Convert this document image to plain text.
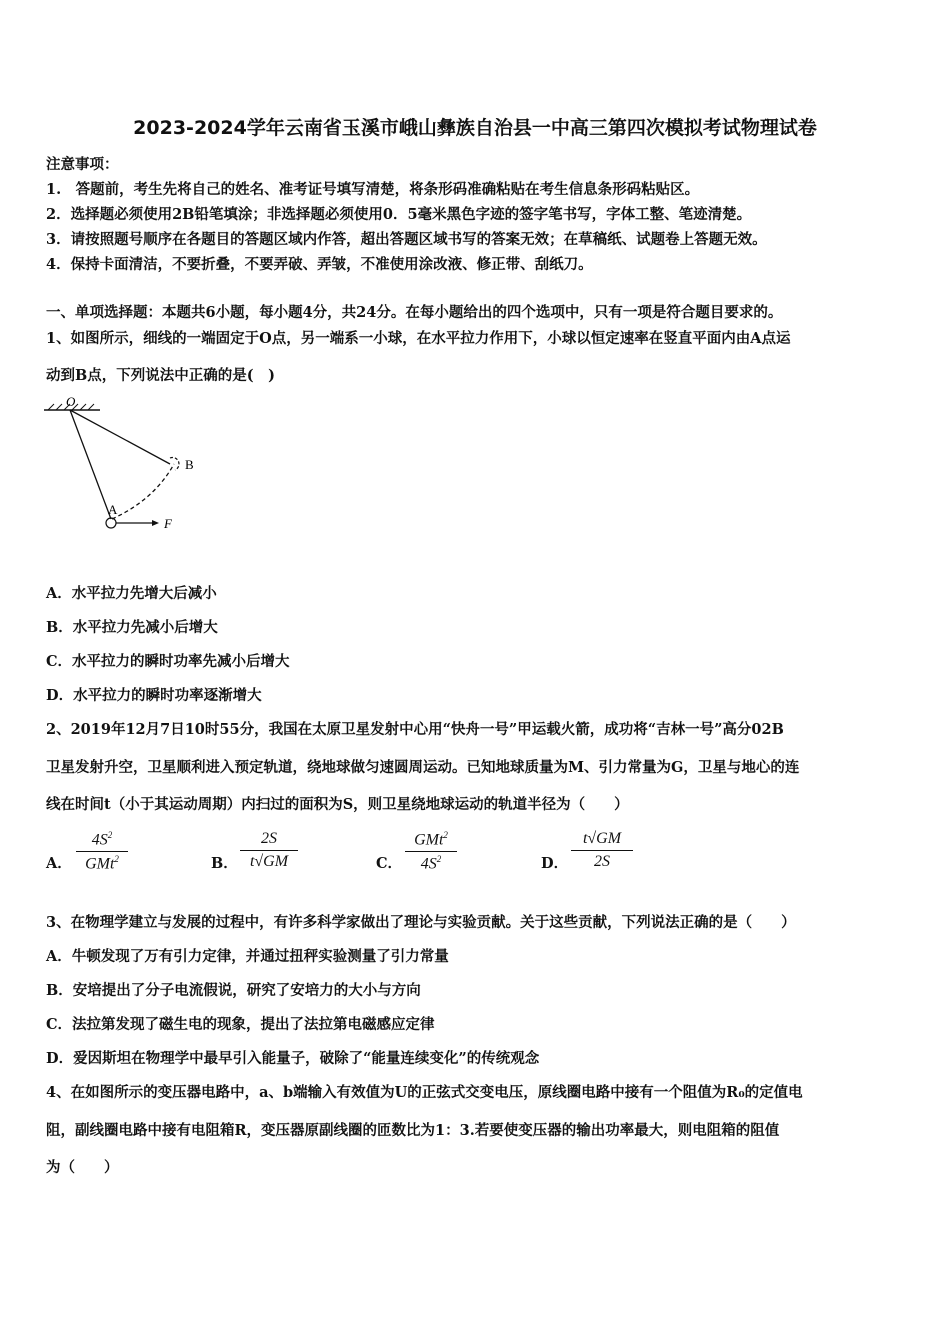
2023-2024学年云南省玉溪市峨山彝族自治县一中高三第四次模拟考试物理试卷
注意事项：
1.　答题前，考生先将自己的姓名、准考证号填写清楚，将条形码准确粘贴在考生信息条形码粘贴区。
2．选择题必须使用2B铅笔填涂；非选择题必须使用0．5毫米黑色字迹的签字笔书写，字体工整、笔迹清楚。
3．请按照题号顺序在各题目的答题区域内作答，超出答题区域书写的答案无效；在草稿纸、试题卷上答题无效。
4．保持卡面清洁，不要折叠，不要弄破、弄皱，不准使用涂改液、修正带、刮纸刀。
一、单项选择题：本题共6小题，每小题4分，共24分。在每小题给出的四个选项中，只有一项是符合题目要求的。
1、如图所示，细线的一端固定于O点，另一端系一小球，在水平拉力作用下，小球以恒定速率在竖直平面内由A点运
动到B点，下列说法中正确的是(　)
O
B
A
F
A．水平拉力先增大后减小
B．水平拉力先减小后增大
C．水平拉力的瞬时功率先减小后增大
D．水平拉力的瞬时功率逐渐增大
2、2019年12月7日10时55分，我国在太原卫星发射中心用“快舟一号”甲运载火箭，成功将“吉林一号”高分02B
卫星发射升空，卫星顺利进入预定轨道，绕地球做匀速圆周运动。已知地球质量为M、引力常量为G，卫星与地心的连
线在时间t（小于其运动周期）内扫过的面积为S，则卫星绕地球运动的轨道半径为（　　）
A．
$4S^2$
GMt$^2$	B． $\frac{2S}{t√GM}$	C．
GMt$^2$
$4S^2$	D． $\frac{t√GM}{2S}$
3、在物理学建立与发展的过程中，有许多科学家做出了理论与实验贡献。关于这些贡献，下列说法正确的是（　　）
A．牛顿发现了万有引力定律，并通过扭秤实验测量了引力常量
B．安培提出了分子电流假说，研究了安培力的大小与方向
C．法拉第发现了磁生电的现象，提出了法拉第电磁感应定律
D．爱因斯坦在物理学中最早引入能量子，破除了“能量连续变化”的传统观念
4、在如图所示的变压器电路中，a、b端输入有效值为U的正弦式交变电压，原线圈电路中接有一个阻值为R₀的定值电
阻，副线圈电路中接有电阻箱R，变压器原副线圈的匝数比为1：3.若要使变压器的输出功率最大，则电阻箱的阻值
为（　　）
